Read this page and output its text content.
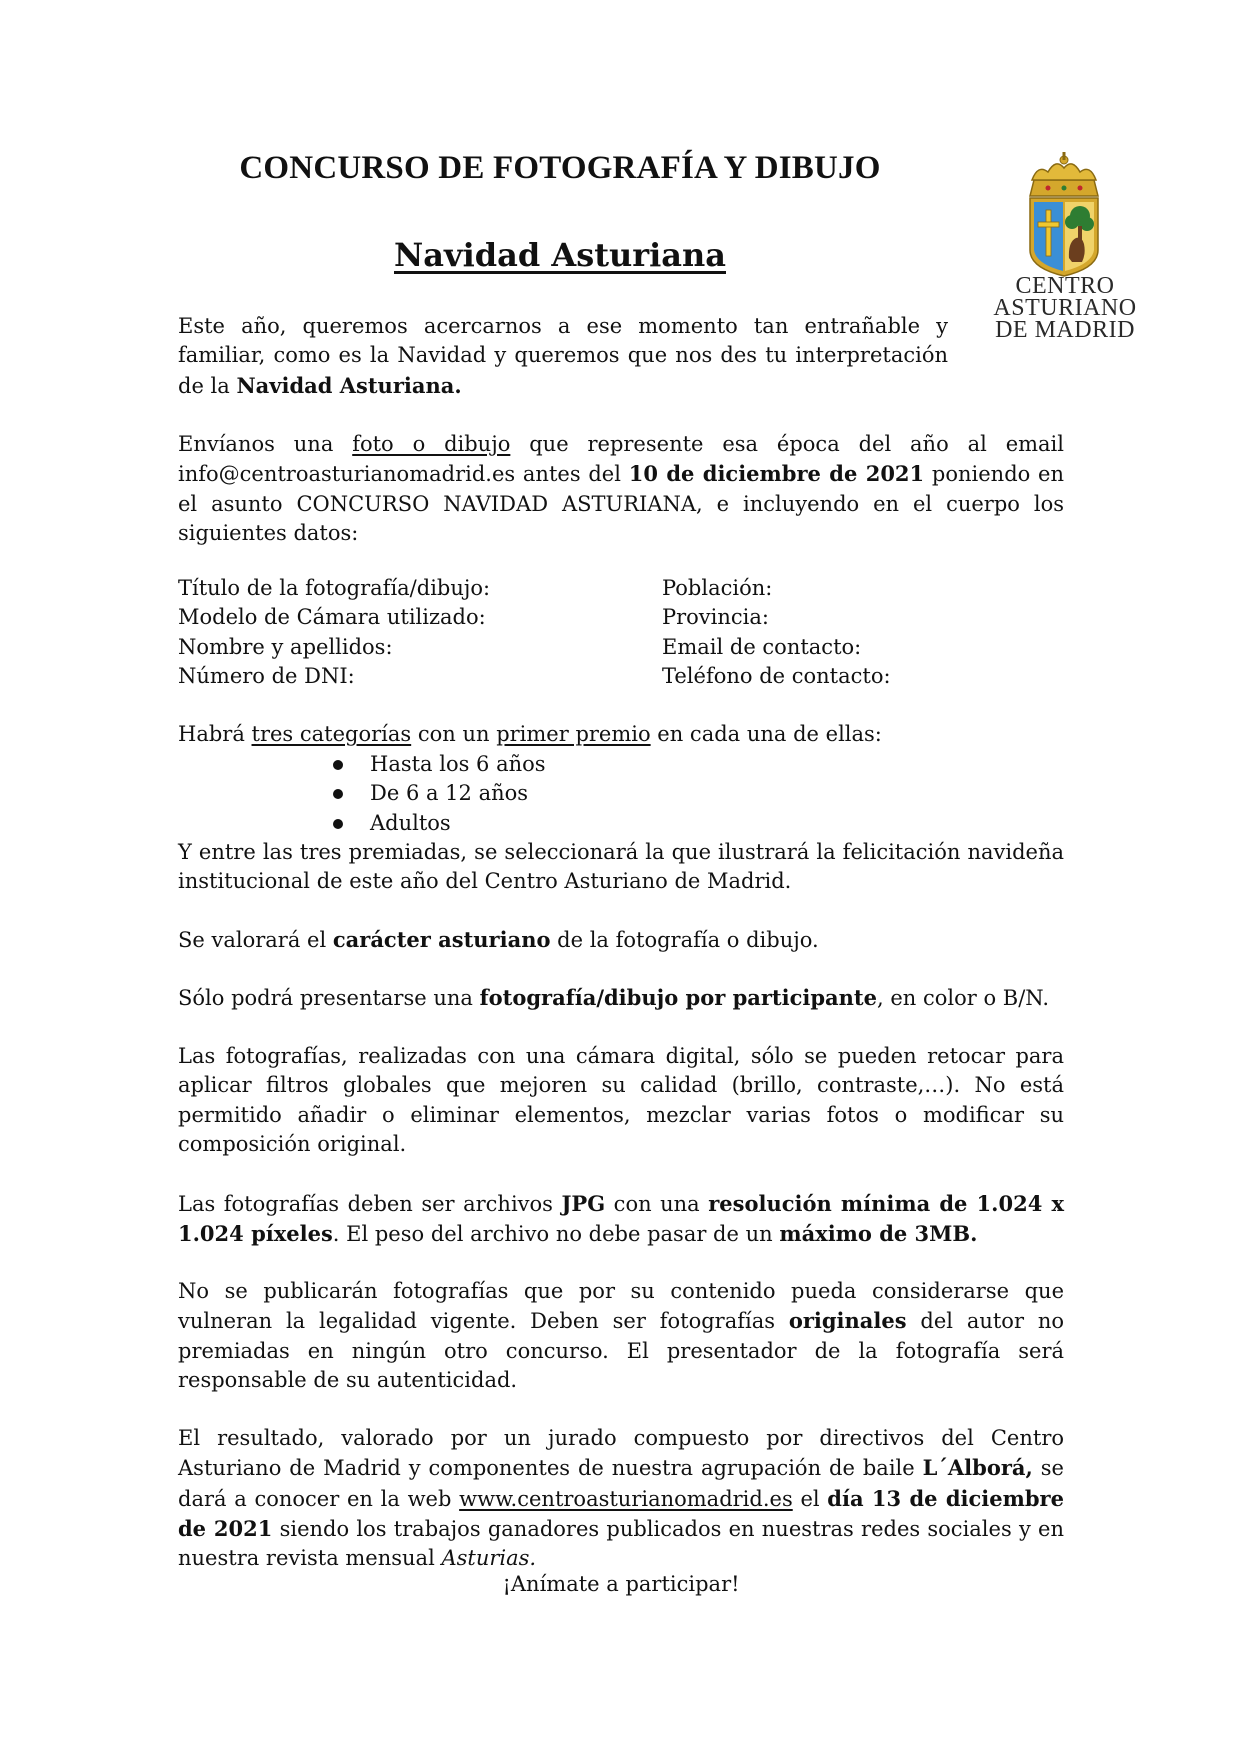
CONCURSO DE FOTOGRAFÍA Y DIBUJO
Navidad Asturiana
CENTRO
ASTURIANO
DE MADRID
Este año, queremos acercarnos a ese momento tan entrañable y familiar, como es la Navidad y queremos que nos des tu interpretación de la Navidad Asturiana.
Envíanos una foto o dibujo que represente esa época del año al email info@centroasturianomadrid.es antes del 10 de diciembre de 2021 poniendo en el asunto CONCURSO NAVIDAD ASTURIANA, e incluyendo en el cuerpo los siguientes datos:
Título de la fotografía/dibujo:	Población:
Modelo de Cámara utilizado:	Provincia:
Nombre y apellidos:	Email de contacto:
Número de DNI:	Teléfono de contacto:
Habrá tres categorías con un primer premio en cada una de ellas:
Hasta los 6 años
De 6 a 12 años
Adultos
Y entre las tres premiadas, se seleccionará la que ilustrará la felicitación navideña institucional de este año del Centro Asturiano de Madrid.
Se valorará el carácter asturiano de la fotografía o dibujo.
Sólo podrá presentarse una fotografía/dibujo por participante, en color o B/N.
Las fotografías, realizadas con una cámara digital, sólo se pueden retocar para aplicar filtros globales que mejoren su calidad (brillo, contraste,…). No está permitido añadir o eliminar elementos, mezclar varias fotos o modificar su composición original.
Las fotografías deben ser archivos JPG con una resolución mínima de 1.024 x 1.024 píxeles. El peso del archivo no debe pasar de un máximo de 3MB.
No se publicarán fotografías que por su contenido pueda considerarse que vulneran la legalidad vigente. Deben ser fotografías originales del autor no premiadas en ningún otro concurso. El presentador de la fotografía será responsable de su autenticidad.
El resultado, valorado por un jurado compuesto por directivos del Centro Asturiano de Madrid y componentes de nuestra agrupación de baile L´Alborá, se dará a conocer en la web www.centroasturianomadrid.es el día 13 de diciembre de 2021 siendo los trabajos ganadores publicados en nuestras redes sociales y en nuestra revista mensual Asturias.
¡Anímate a participar!
